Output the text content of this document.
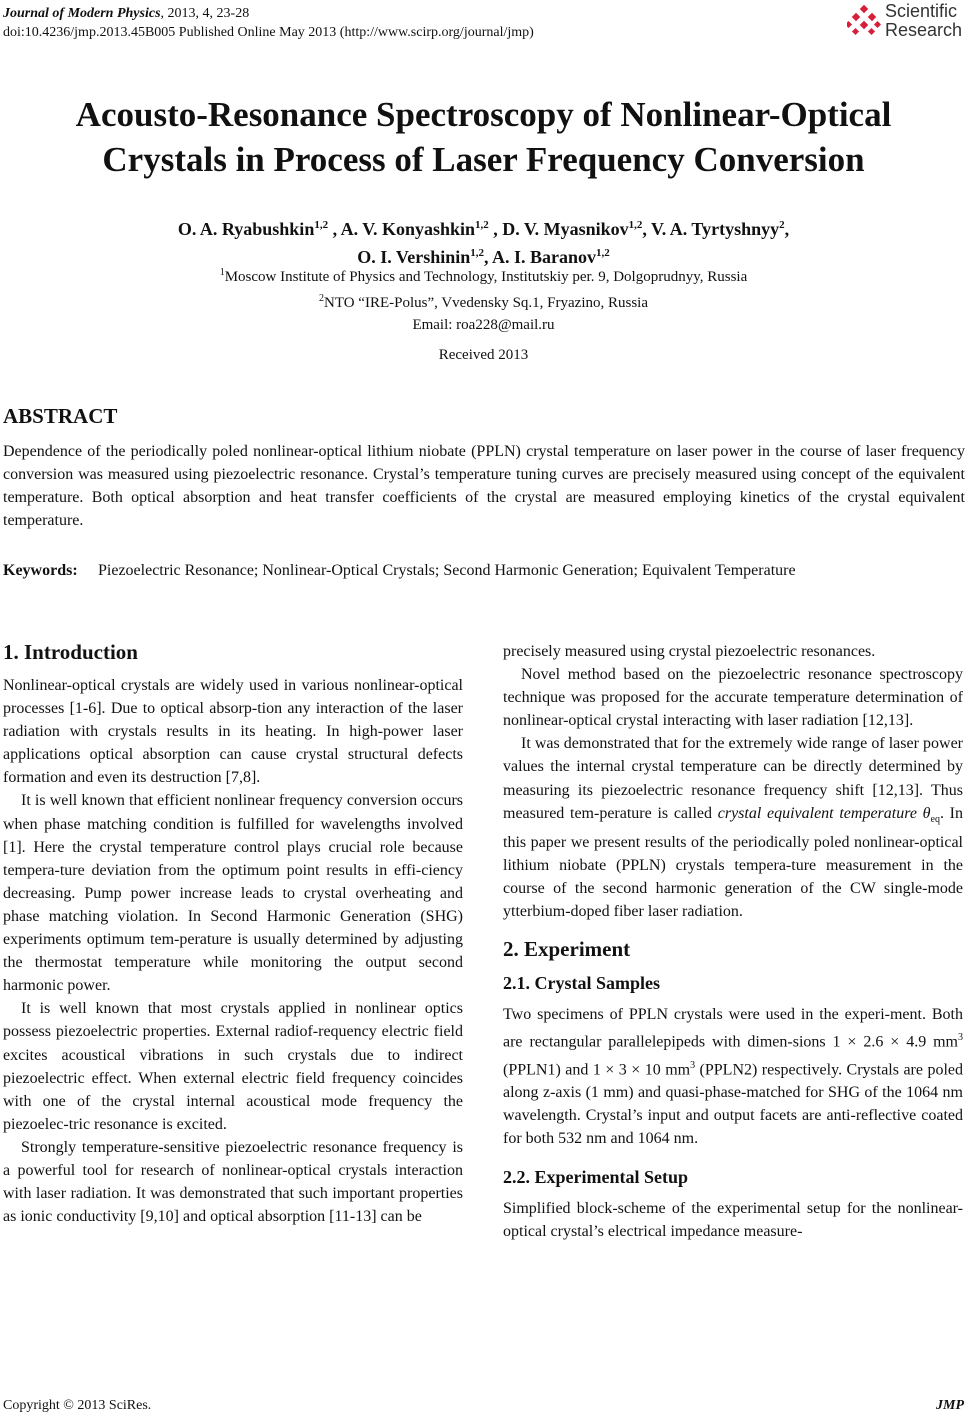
Journal of Modern Physics, 2013, 4, 23-28
doi:10.4236/jmp.2013.45B005 Published Online May 2013 (http://www.scirp.org/journal/jmp)
Scientific
Research
Acousto-Resonance Spectroscopy of Nonlinear-Optical
Crystals in Process of Laser Frequency Conversion
O. A. Ryabushkin$^{1,2}$ , A. V. Konyashkin$^{1,2}$ , D. V. Myasnikov$^{1,2}$, V. A. Tyrtyshnyy$^2$,
O. I. Vershinin$^{1,2}$, A. I. Baranov$^{1,2}$
$^1$Moscow Institute of Physics and Technology, Institutskiy per. 9, Dolgoprudnyy, Russia
$^2$NTO “IRE-Polus”, Vvedensky Sq.1, Fryazino, Russia
Email: roa228@mail.ru
Received 2013
ABSTRACT
Dependence of the periodically poled nonlinear-optical lithium niobate (PPLN) crystal temperature on laser power in the course of laser frequency conversion was measured using piezoelectric resonance. Crystal’s temperature tuning curves are precisely measured using concept of the equivalent temperature. Both optical absorption and heat transfer coefficients of the crystal are measured employing kinetics of the crystal equivalent temperature.
Keywords: Piezoelectric Resonance; Nonlinear-Optical Crystals; Second Harmonic Generation; Equivalent Temperature
1. Introduction

Nonlinear-optical crystals are widely used in various nonlinear-optical processes [1-6]. Due to optical absorp-tion any interaction of the laser radiation with crystals results in its heating. In high-power laser applications optical absorption can cause crystal structural defects formation and even its destruction [7,8].

It is well known that efficient nonlinear frequency conversion occurs when phase matching condition is fulfilled for wavelengths involved [1]. Here the crystal temperature control plays crucial role because tempera-ture deviation from the optimum point results in effi-ciency decreasing. Pump power increase leads to crystal overheating and phase matching violation. In Second Harmonic Generation (SHG) experiments optimum tem-perature is usually determined by adjusting the thermostat temperature while monitoring the output second harmonic power.

It is well known that most crystals applied in nonlinear optics possess piezoelectric properties. External radiof-requency electric field excites acoustical vibrations in such crystals due to indirect piezoelectric effect. When external electric field frequency coincides with one of the crystal internal acoustical mode frequency the piezoelec-tric resonance is excited.

Strongly temperature-sensitive piezoelectric resonance frequency is a powerful tool for research of nonlinear-optical crystals interaction with laser radiation. It was demonstrated that such important properties as ionic conductivity [9,10] and optical absorption [11-13] can be

precisely measured using crystal piezoelectric resonances.

Novel method based on the piezoelectric resonance spectroscopy technique was proposed for the accurate temperature determination of nonlinear-optical crystal interacting with laser radiation [12,13].

It was demonstrated that for the extremely wide range of laser power values the internal crystal temperature can be directly determined by measuring its piezoelectric resonance frequency shift [12,13]. Thus measured tem-perature is called crystal equivalent temperature $\theta_{eq}$. In this paper we present results of the periodically poled nonlinear-optical lithium niobate (PPLN) crystals tempera-ture measurement in the course of the second harmonic generation of the CW single-mode ytterbium-doped fiber laser radiation.

2. Experiment
2.1. Crystal Samples

Two specimens of PPLN crystals were used in the experi-ment. Both are rectangular parallelepipeds with dimen-sions 1 × 2.6 × 4.9 $mm^3$ (PPLN1) and 1 × 3 × 10 $mm^3$ (PPLN2) respectively. Crystals are poled along z-axis (1 mm) and quasi-phase-matched for SHG of the 1064 nm wavelength. Crystal’s input and output facets are anti-reflective coated for both 532 nm and 1064 nm.

2.2. Experimental Setup

Simplified block-scheme of the experimental setup for the nonlinear-optical crystal’s electrical impedance measure-

Copyright © 2013 SciRes.	JMP
